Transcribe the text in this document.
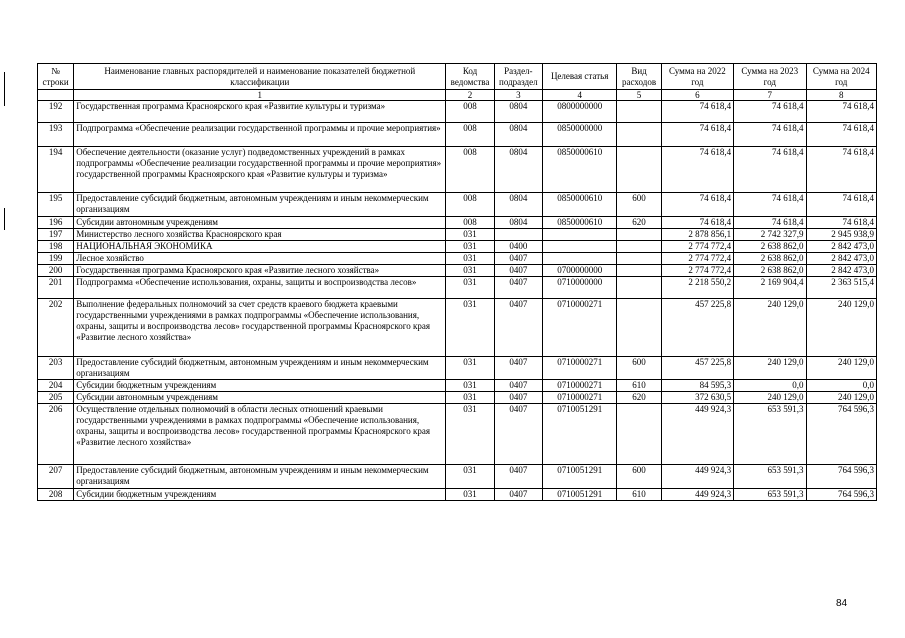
№ строки	Наименование главных распорядителей и наименование показателей бюджетной классификации	Код ведомства	Раздел-подраздел	Целевая статья	Вид расходов	Сумма на 2022 год	Сумма на 2023 год	Сумма на 2024 год
	1	2	3	4	5	6	7	8
192	Государственная программа Красноярского края «Развитие культуры и туризма»	008	0804	0800000000		74 618,4	74 618,4	74 618,4
193	Подпрограмма «Обеспечение реализации государственной программы и прочие мероприятия»	008	0804	0850000000		74 618,4	74 618,4	74 618,4
194	Обеспечение деятельности (оказание услуг) подведомственных учреждений в рамках подпрограммы «Обеспечение реализации государственной программы и прочие мероприятия» государственной программы Красноярского края «Развитие культуры и туризма»	008	0804	0850000610		74 618,4	74 618,4	74 618,4
195	Предоставление субсидий бюджетным, автономным учреждениям и иным некоммерческим организациям	008	0804	0850000610	600	74 618,4	74 618,4	74 618,4
196	Субсидии автономным учреждениям	008	0804	0850000610	620	74 618,4	74 618,4	74 618,4
197	Министерство лесного хозяйства Красноярского края	031				2 878 856,1	2 742 327,9	2 945 938,9
198	НАЦИОНАЛЬНАЯ ЭКОНОМИКА	031	0400			2 774 772,4	2 638 862,0	2 842 473,0
199	Лесное хозяйство	031	0407			2 774 772,4	2 638 862,0	2 842 473,0
200	Государственная программа Красноярского края «Развитие лесного хозяйства»	031	0407	0700000000		2 774 772,4	2 638 862,0	2 842 473,0
201	Подпрограмма «Обеспечение использования, охраны, защиты и воспроизводства лесов»	031	0407	0710000000		2 218 550,2	2 169 904,4	2 363 515,4
202	Выполнение федеральных полномочий за счет средств краевого бюджета краевыми государственными учреждениями в рамках подпрограммы «Обеспечение использования, охраны, защиты и воспроизводства лесов» государственной программы Красноярского края «Развитие лесного хозяйства»	031	0407	0710000271		457 225,8	240 129,0	240 129,0
203	Предоставление субсидий бюджетным, автономным учреждениям и иным некоммерческим организациям	031	0407	0710000271	600	457 225,8	240 129,0	240 129,0
204	Субсидии бюджетным учреждениям	031	0407	0710000271	610	84 595,3	0,0	0,0
205	Субсидии автономным учреждениям	031	0407	0710000271	620	372 630,5	240 129,0	240 129,0
206	Осуществление отдельных полномочий в области лесных отношений краевыми государственными учреждениями в рамках подпрограммы «Обеспечение использования, охраны, защиты и воспроизводства лесов» государственной программы Красноярского края «Развитие лесного хозяйства»	031	0407	0710051291		449 924,3	653 591,3	764 596,3
207	Предоставление субсидий бюджетным, автономным учреждениям и иным некоммерческим организациям	031	0407	0710051291	600	449 924,3	653 591,3	764 596,3
208	Субсидии бюджетным учреждениям	031	0407	0710051291	610	449 924,3	653 591,3	764 596,3
84
